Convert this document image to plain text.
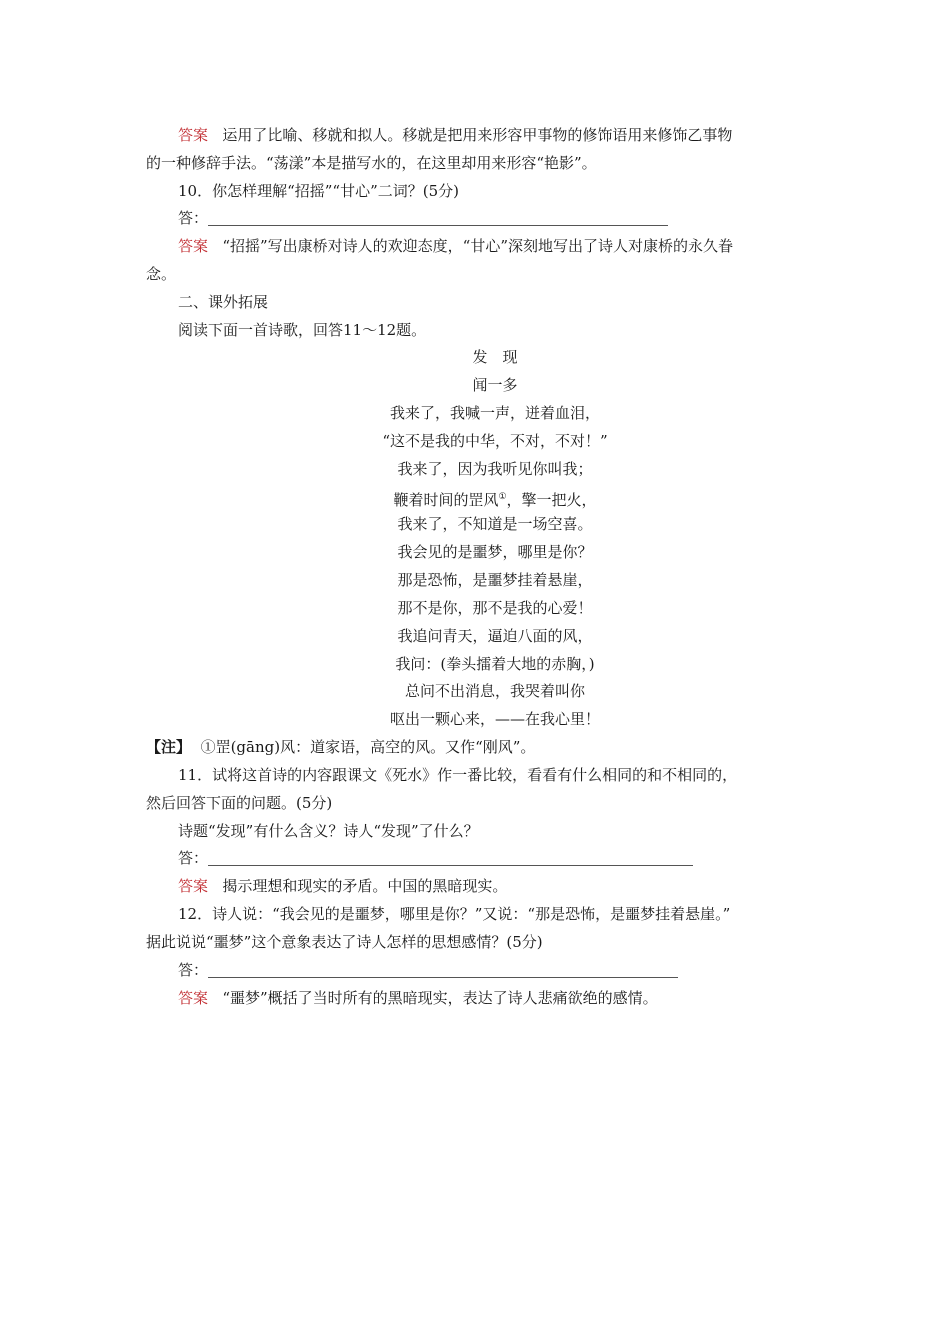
答案 运用了比喻、移就和拟人。移就是把用来形容甲事物的修饰语用来修饰乙事物
的一种修辞手法。“荡漾”本是描写水的，在这里却用来形容“艳影”。
10．你怎样理解“招摇”“甘心”二词？(5分)
答：
答案 “招摇”写出康桥对诗人的欢迎态度，“甘心”深刻地写出了诗人对康桥的永久眷
念。
二、课外拓展
阅读下面一首诗歌，回答11～12题。
发　现
闻一多
我来了，我喊一声，迸着血泪，
“这不是我的中华，不对，不对！”
我来了，因为我听见你叫我；
鞭着时间的罡风①，擎一把火，
我来了，不知道是一场空喜。
我会见的是噩梦，哪里是你？
那是恐怖，是噩梦挂着悬崖，
那不是你，那不是我的心爱！
我追问青天，逼迫八面的风，
我问：(拳头擂着大地的赤胸，)
总问不出消息，我哭着叫你
呕出一颗心来，——在我心里！
【注】 ①罡(gāng)风：道家语，高空的风。又作“刚风”。
11．试将这首诗的内容跟课文《死水》作一番比较，看看有什么相同的和不相同的，
然后回答下面的问题。(5分)
诗题“发现”有什么含义？诗人“发现”了什么？
答：
答案 揭示理想和现实的矛盾。中国的黑暗现实。
12．诗人说：“我会见的是噩梦，哪里是你？”又说：“那是恐怖，是噩梦挂着悬崖。”
据此说说“噩梦”这个意象表达了诗人怎样的思想感情？(5分)
答：
答案 “噩梦”概括了当时所有的黑暗现实，表达了诗人悲痛欲绝的感情。
